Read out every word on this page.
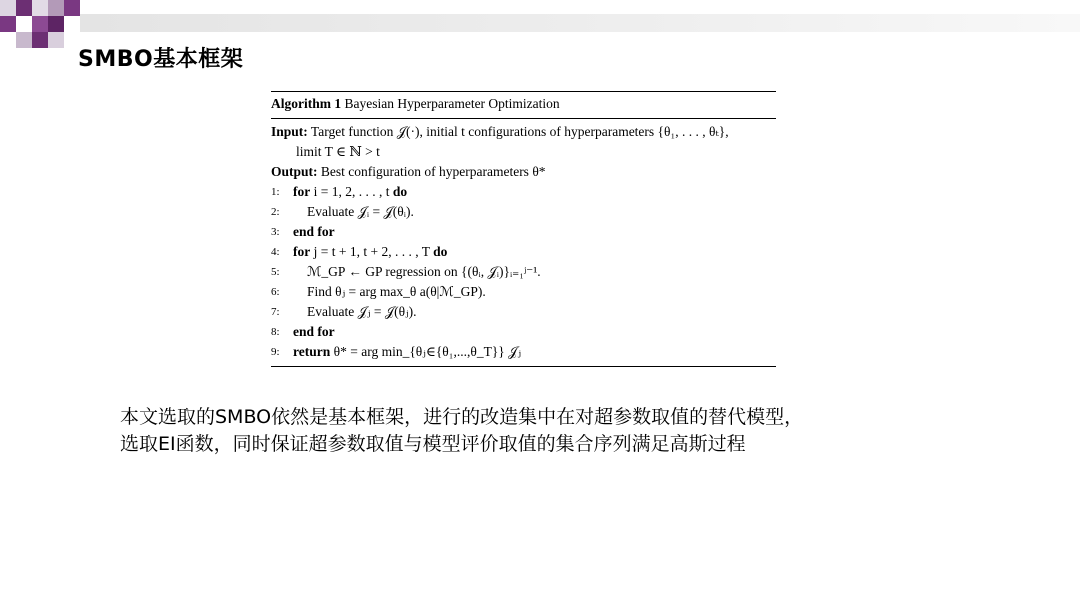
SMBO基本框架
Algorithm 1 Bayesian Hyperparameter Optimization
Input: Target function 𝒥(·), initial t configurations of hyperparameters {θ₁, . . . , θₜ},
limit T ∈ ℕ > t
Output: Best configuration of hyperparameters θ*
1: for i = 1, 2, . . . , t do
2:	Evaluate 𝒥ᵢ = 𝒥(θᵢ).
3: end for
4: for j = t + 1, t + 2, . . . , T do
5:	ℳ_GP ← GP regression on {(θᵢ, 𝒥ᵢ)}ᵢ₌₁ʲ⁻¹.
6:	Find θⱼ = arg max_θ a(θ|ℳ_GP).
7:	Evaluate 𝒥ⱼ = 𝒥(θⱼ).
8: end for
9: return θ* = arg min_{θⱼ∈{θ₁,...,θ_T}} 𝒥ⱼ
本文选取的SMBO依然是基本框架，进行的改造集中在对超参数取值的替代模型，
选取EI函数，同时保证超参数取值与模型评价取值的集合序列满足高斯过程
